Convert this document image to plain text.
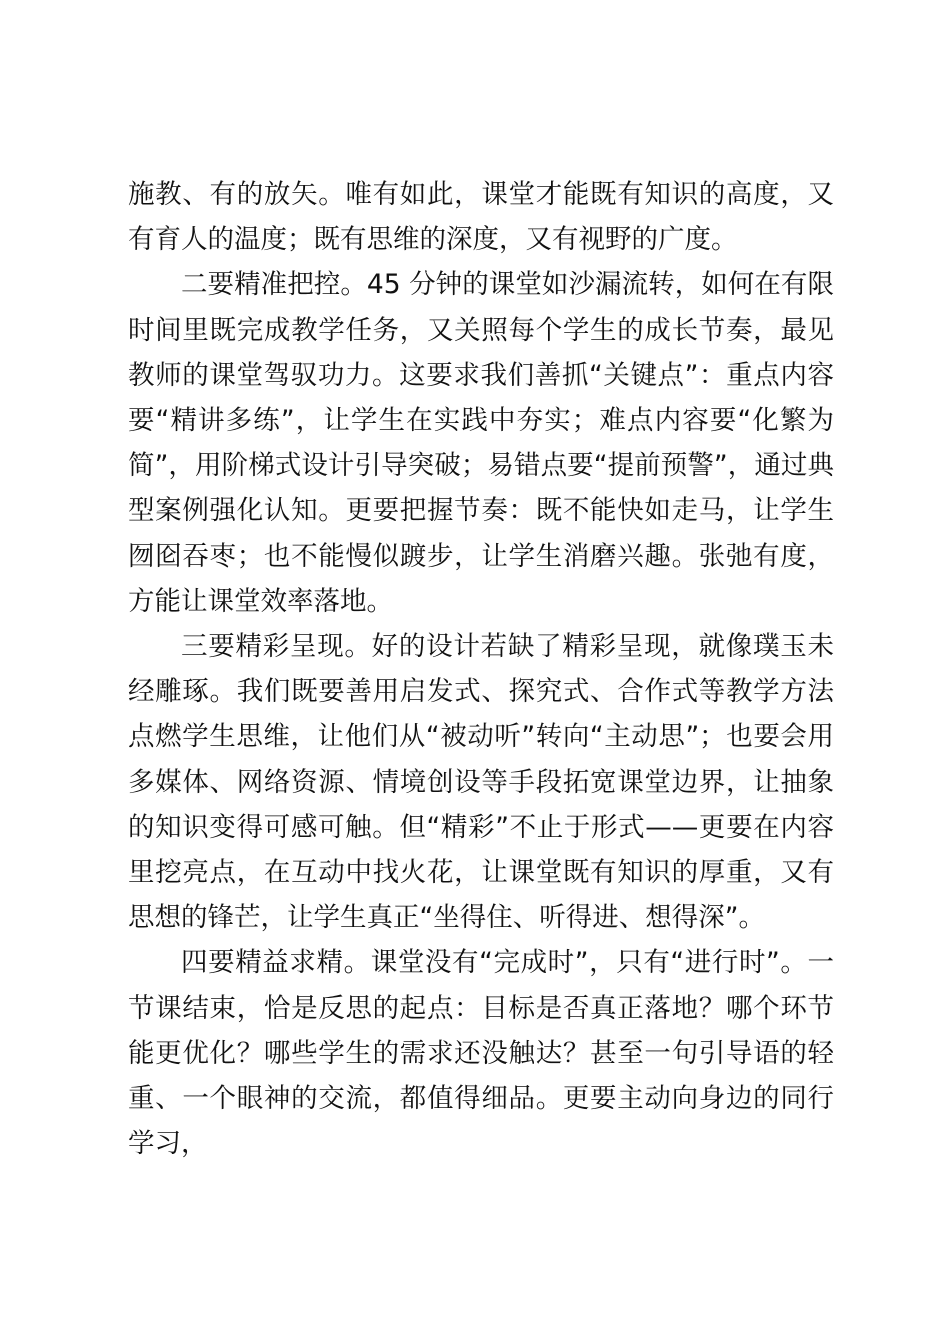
施教、有的放矢。唯有如此，课堂才能既有知识的高度，又有育人的温度；既有思维的深度，又有视野的广度。

二要精准把控。45 分钟的课堂如沙漏流转，如何在有限时间里既完成教学任务，又关照每个学生的成长节奏，最见教师的课堂驾驭功力。这要求我们善抓“关键点”：重点内容要“精讲多练”，让学生在实践中夯实；难点内容要“化繁为简”，用阶梯式设计引导突破；易错点要“提前预警”，通过典型案例强化认知。更要把握节奏：既不能快如走马，让学生囫囵吞枣；也不能慢似踱步，让学生消磨兴趣。张弛有度，方能让课堂效率落地。

三要精彩呈现。好的设计若缺了精彩呈现，就像璞玉未经雕琢。我们既要善用启发式、探究式、合作式等教学方法点燃学生思维，让他们从“被动听”转向“主动思”；也要会用多媒体、网络资源、情境创设等手段拓宽课堂边界，让抽象的知识变得可感可触。但“精彩”不止于形式——更要在内容里挖亮点，在互动中找火花，让课堂既有知识的厚重，又有思想的锋芒，让学生真正“坐得住、听得进、想得深”。

四要精益求精。课堂没有“完成时”，只有“进行时”。一节课结束，恰是反思的起点：目标是否真正落地？哪个环节能更优化？哪些学生的需求还没触达？甚至一句引导语的轻重、一个眼神的交流，都值得细品。更要主动向身边的同行学习，
